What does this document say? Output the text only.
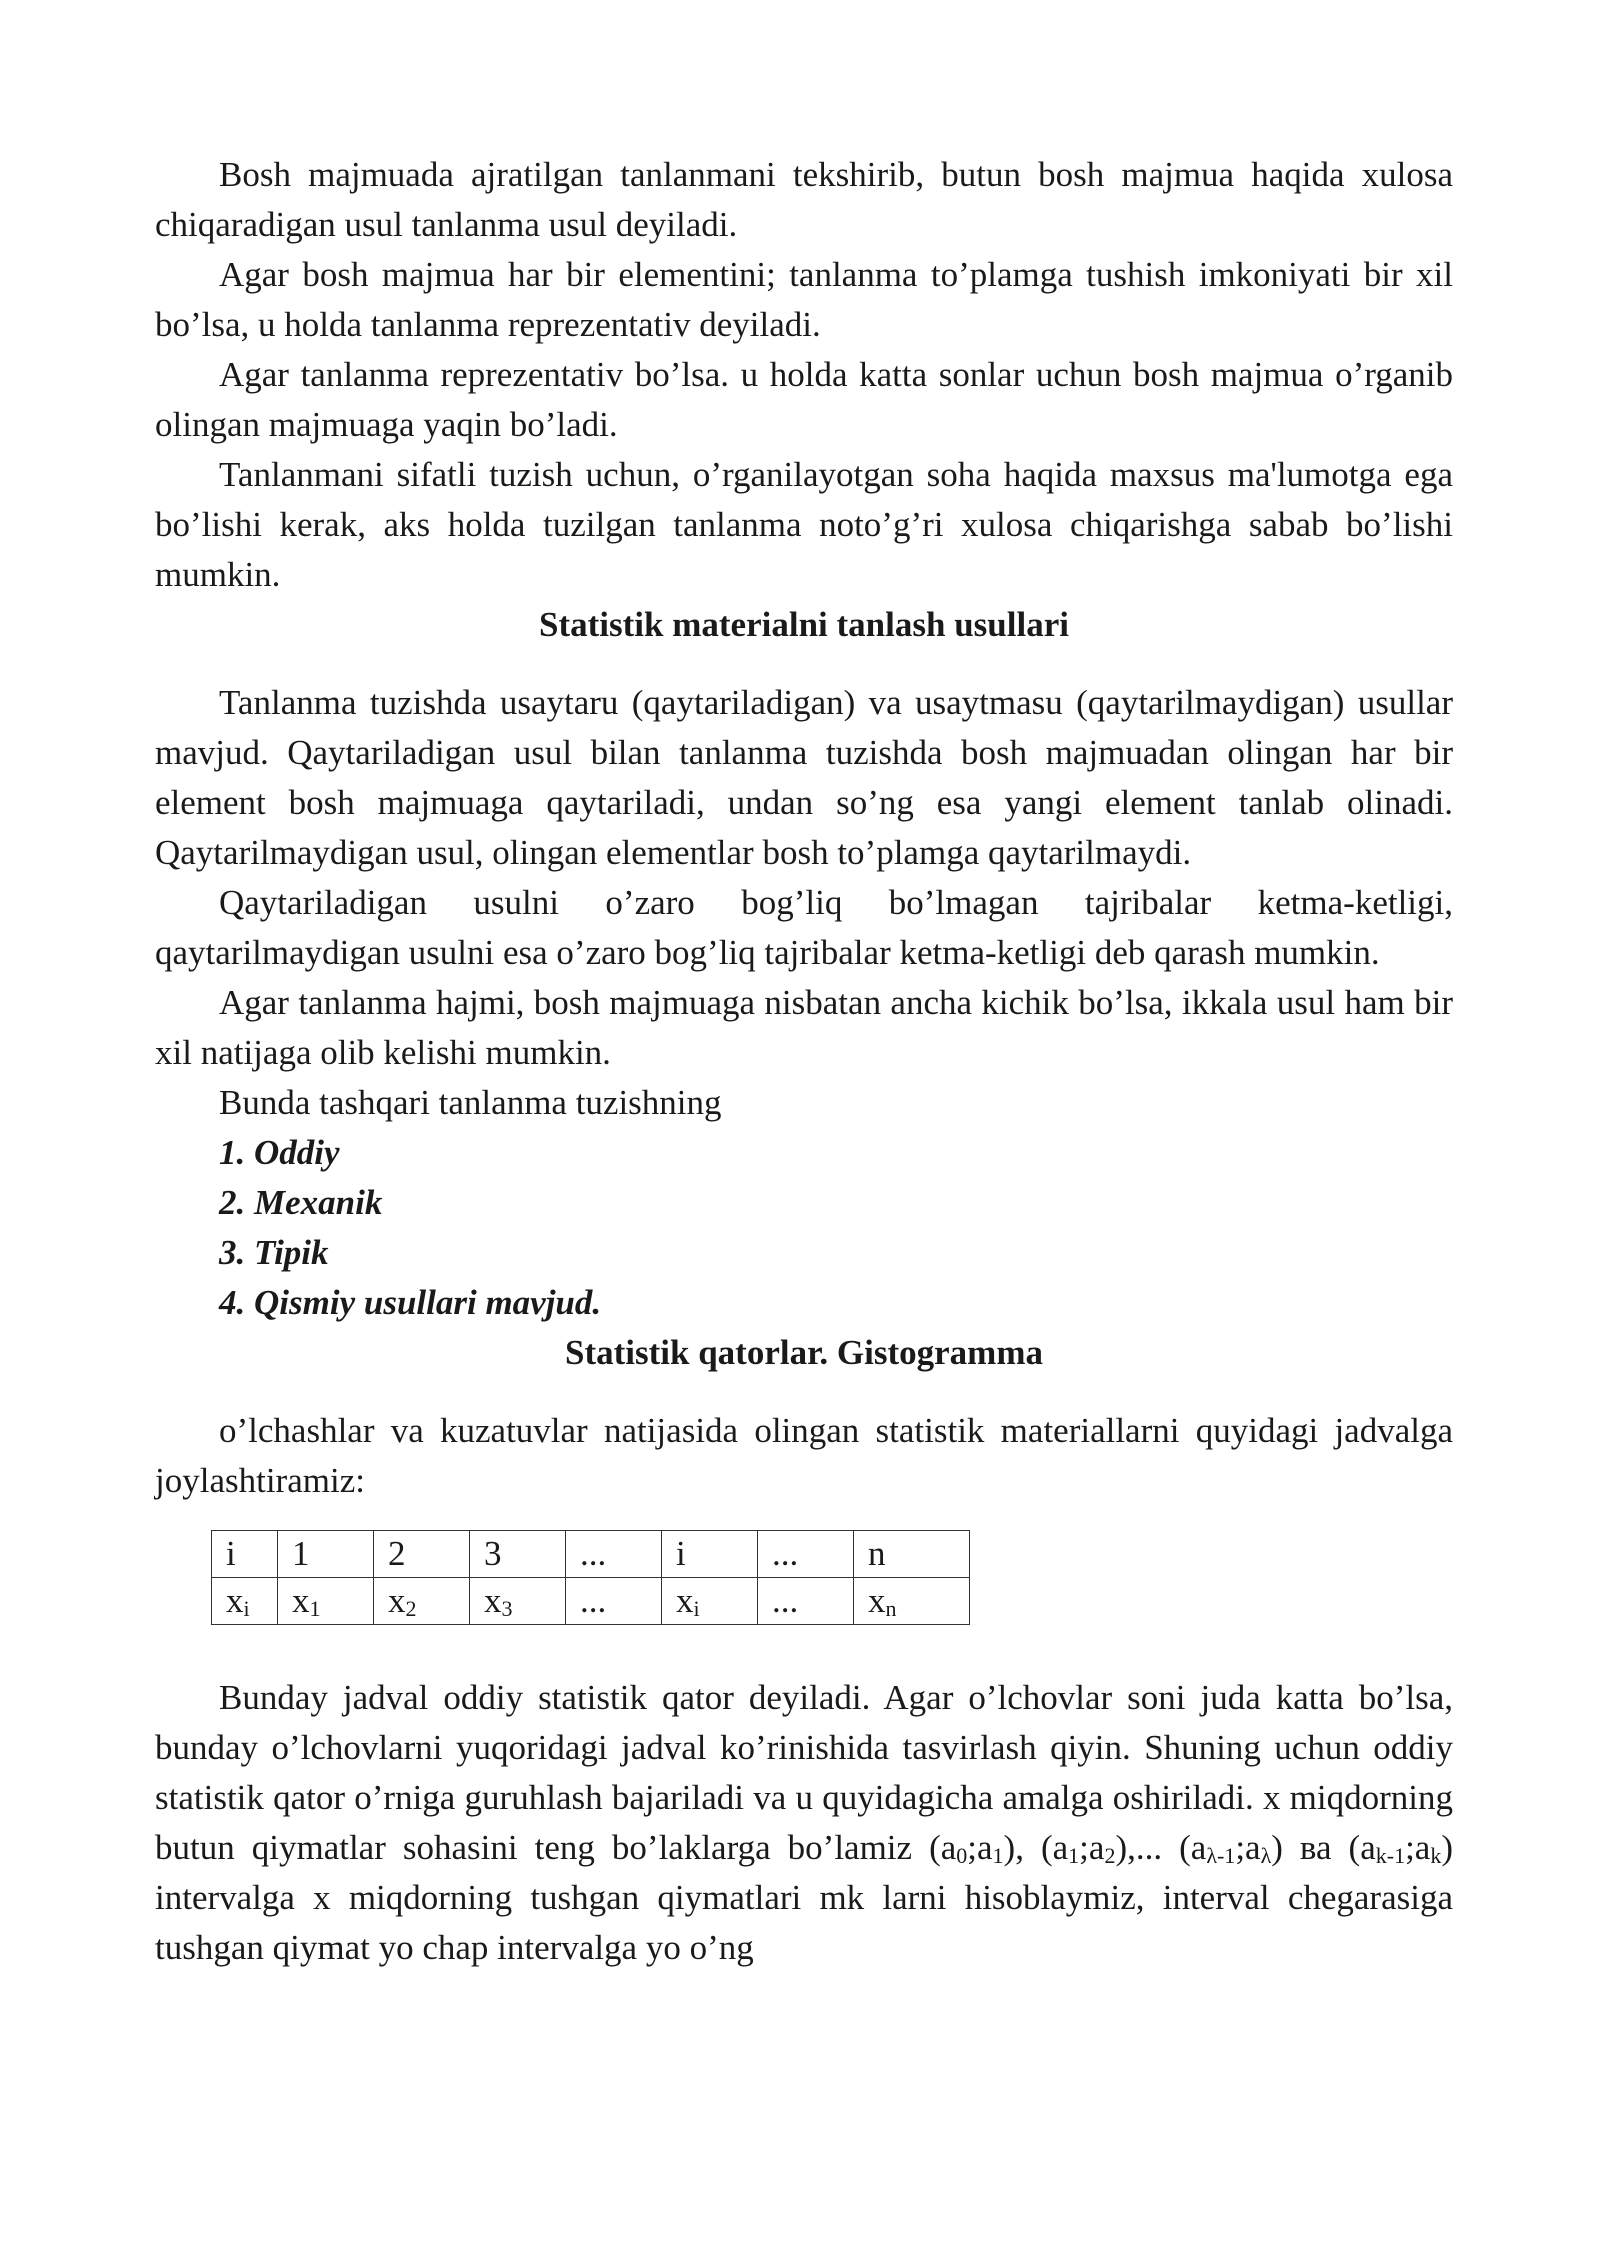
Bosh majmuada ajratilgan tanlanmani tekshirib, butun bosh majmua haqida xulosa chiqaradigan usul tanlanma usul deyiladi.

Agar bosh majmua har bir elementini; tanlanma to’plamga tushish imkoniyati bir xil bo’lsa, u holda tanlanma reprezentativ deyiladi.

Agar tanlanma reprezentativ bo’lsa. u holda katta sonlar uchun bosh majmua o’rganib olingan majmuaga yaqin bo’ladi.

Tanlanmani sifatli tuzish uchun, o’rganilayotgan soha haqida maxsus ma'lumotga ega bo’lishi kerak, aks holda tuzilgan tanlanma noto’g’ri xulosa chiqarishga sabab bo’lishi mumkin.

Statistik materialni tanlash usullari

Tanlanma tuzishda usaytaru (qaytariladigan) va usaytmasu (qaytarilmaydigan) usullar mavjud. Qaytariladigan usul bilan tanlanma tuzishda bosh majmuadan olingan har bir element bosh majmuaga qaytariladi, undan so’ng esa yangi element tanlab olinadi. Qaytarilmaydigan usul, olingan elementlar bosh to’plamga qaytarilmaydi.

Qaytariladigan usulni o’zaro bog’liq bo’lmagan tajribalar ketma-ketligi, qaytarilmaydigan usulni esa o’zaro bog’liq tajribalar ketma-ketligi deb qarash mumkin.

Agar tanlanma hajmi, bosh majmuaga nisbatan ancha kichik bo’lsa, ikkala usul ham bir xil natijaga olib kelishi mumkin.

Bunda tashqari tanlanma tuzishning

1. Oddiy
2. Mexanik
3. Tipik
4. Qismiy usullari mavjud.
Statistik qatorlar. Gistogramma

o’lchashlar va kuzatuvlar natijasida olingan statistik materiallarni quyidagi jadvalga joylashtiramiz:

i	1	2	3	...	i	...	n
$x_i$	$x_1$	$x_2$	$x_3$	...	$x_i$	...	$x_n$

Bunday jadval oddiy statistik qator deyiladi. Agar o’lchovlar soni juda katta bo’lsa, bunday o’lchovlarni yuqoridagi jadval ko’rinishida tasvirlash qiyin. Shuning uchun oddiy statistik qator o’rniga guruhlash bajariladi va u quyidagicha amalga oshiriladi. x miqdorning butun qiymatlar sohasini teng bo’laklarga bo’lamiz $(a_0;a_1)$, $(a_1;a_2)$,... $(a_{\lambda-1};a_\lambda)$ ва $(a_{k-1};a_k)$ intervalga x miqdorning tushgan qiymatlari mk larni hisoblaymiz, interval chegarasiga tushgan qiymat yo chap intervalga yo o’ng
